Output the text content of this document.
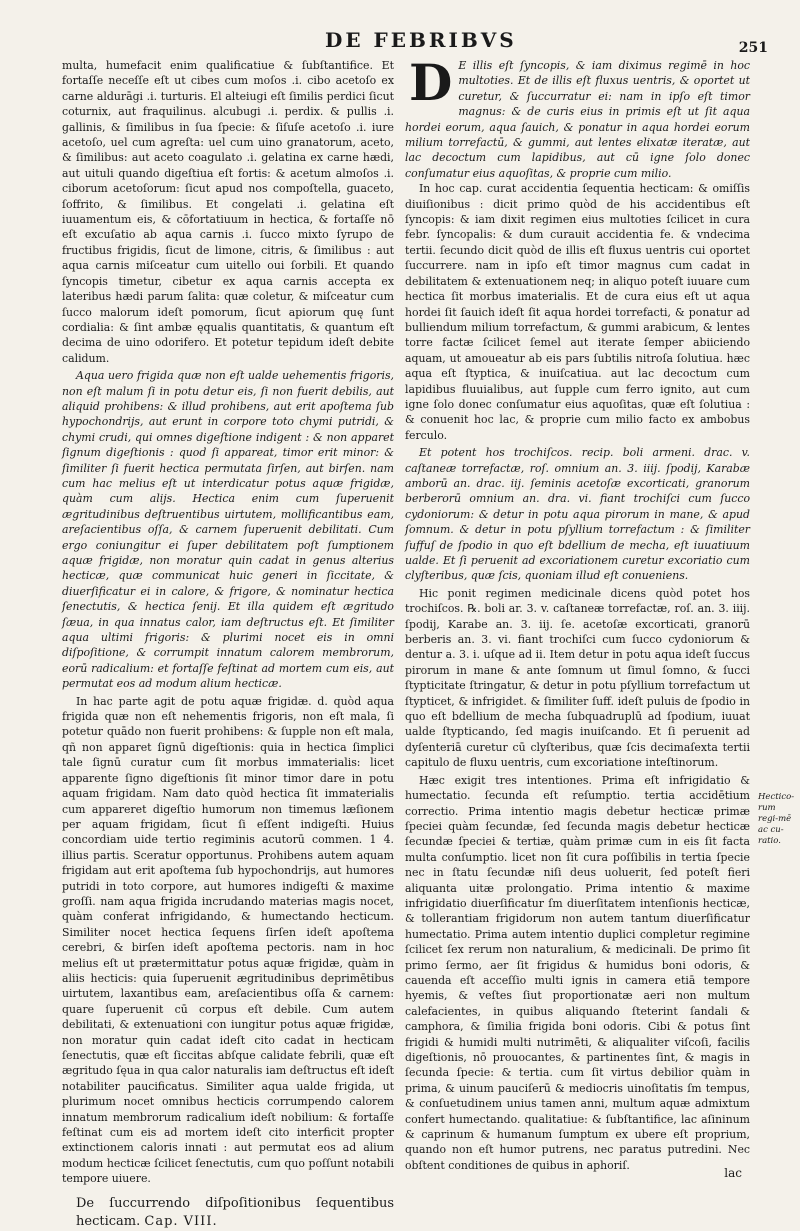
DE FEBRIBVS	251

multa, humefacit enim qualificatiue & ſubſtantifice. Et fortaſſe neceſſe eſt ut cibes cum moſos .i. cibo acetoſo ex carne aldurāgi .i. turturis. El alteiugi eſt ſimilis perdici ſicut coturnix, aut fraquilinus. alcubugi .i. perdix. & pullis .i. gallinis, & ſimilibus in ſua ſpecie: & ſiſuſe acetoſo .i. iure acetoſo, uel cum agreſta: uel cum uino granatorum, aceto, & ſimilibus: aut aceto coagulato .i. gelatina ex carne hædi, aut uituli quando digeſtiua eſt fortis: & acetum almoſos .i. ciborum acetoſorum: ſicut apud nos compoſtella, guaceto, ſoffrito, & ſimilibus. Et congelati .i. gelatina eſt iuuamentum eis, & cōfortatiuum in hectica, & fortaſſe nō eſt excuſatio ab aqua carnis .i. ſucco mixto ſyrupo de fructibus frigidis, ſicut de limone, citris, & ſimilibus : aut aqua carnis miſceatur cum uitello oui ſorbili. Et quando ſyncopis timetur, cibetur ex aqua carnis accepta ex lateribus hædi parum ſalita: quæ coletur, & miſceatur cum ſucco malorum ideſt pomorum, ſicut apiorum quę ſunt cordialia: & ſint ambæ ęqualis quantitatis, & quantum eſt decima de uino odorifero. Et potetur tepidum ideſt debite calidum.

Aqua uero frigida quæ non eſt ualde uehementis frigoris, non eſt malum ſi in potu detur eis, ſi non fuerit debilis, aut aliquid prohibens: & illud prohibens, aut erit apoſtema ſub hypochondrijs, aut erunt in corpore toto chymi putridi, & chymi crudi, qui omnes digeſtione indigent : & non apparet ſignum digeſtionis : quod ſi appareat, timor erit minor: & ſimiliter ſi fuerit hectica permutata ſirſen, aut birſen. nam cum hac melius eſt ut interdicatur potus aquæ frigidæ, quàm cum alijs. Hectica enim cum ſuperuenit ægritudinibus deſtruentibus uirtutem, mollificantibus eam, areſacientibus oſſa, & carnem ſuperuenit debilitati. Cum ergo coniungitur ei ſuper debilitatem poſt ſumptionem aquæ frigidæ, non moratur quin cadat in genus alterius hecticæ, quæ communicat huic generi in ſiccitate, & diuerſificatur ei in calore, & frigore, & nominatur hectica ſenectutis, & hectica ſenij. Et illa quidem eſt ægritudo ſæua, in qua innatus calor, iam deſtructus eſt. Et ſimiliter aqua ultimi frigoris: & plurimi nocet eis in omni diſpoſitione, & corrumpit innatum calorem membrorum, eorū radicalium: et fortaſſe feſtinat ad mortem cum eis, aut permutat eos ad modum alium hecticæ.

In hac parte agit de potu aquæ frigidæ. d. quòd aqua frigida quæ non eſt nehementis frigoris, non eſt mala, ſi potetur quādo non fuerit prohibens: & ſupple non eſt mala, qñ non apparet ſignū digeſtionis: quia in hectica ſimplici tale ſignū curatur cum ſit morbus immaterialis: licet apparente ſigno digeſtionis ſit minor timor dare in potu aquam frigidam. Nam dato quòd hectica ſit immaterialis cum appareret digeſtio humorum non timemus læſionem per aquam frigidam, ſicut ſi eſſent indigeſti. Huius concordiam uide tertio regiminis acutorū commen. 1 4. illius partis. Sceratur opportunus. Prohibens autem aquam frigidam aut erit apoſtema ſub hypochondrijs, aut humores putridi in toto corpore, aut humores indigeſti & maxime groſſi. nam aqua frigida incrudando materias magis nocet, quàm conferat infrigidando, & humectando hecticum. Similiter nocet hectica ſequens ſirſen ideſt apoſtema cerebri, & birſen ideſt apoſtema pectoris. nam in hoc melius eſt ut prætermittatur potus aquæ frigidæ, quàm in aliis hecticis: quia ſuperuenit ægritudinibus deprimētibus uirtutem, laxantibus eam, areſacientibus oſſa & carnem: quare ſuperuenit cū corpus eſt debile. Cum autem debilitati, & extenuationi con iungitur potus aquæ frigidæ, non moratur quin cadat ideſt cito cadat in hecticam ſenectutis, quæ eſt ſiccitas abſque calidate febrili, quæ eſt ægritudo ſęua in qua calor naturalis iam deſtructus eſt ideſt notabiliter paucificatus. Similiter aqua ualde frigida, ut plurimum nocet omnibus hecticis corrumpendo calorem innatum membrorum radicalium ideſt nobilium: & fortaſſe feſtinat cum eis ad mortem ideſt cito interficit propter extinctionem caloris innati : aut permutat eos ad alium modum hecticæ ſcilicet ſenectutis, cum quo poſſunt notabili tempore uiuere.

De ſuccurrendo diſpoſitionibus ſequentibus hecticam. Cap. VIII.
D E illis eſt ſyncopis, & iam diximus regimē in hoc multoties. Et de illis eſt fluxus uentris, & oportet ut curetur, & ſuccurratur ei: nam in ipſo eſt timor magnus: & de curis eius in primis eſt ut ſit aqua hordei eorum, aqua ſauich, & ponatur in aqua hordei eorum milium torrefactū, & gummi, aut lentes elixatæ iteratæ, aut lac decoctum cum lapidibus, aut cū igne ſolo donec conſumatur eius aquoſitas, & proprie cum milio.

In hoc cap. curat accidentia ſequentia hecticam: & omiſſis diuiſionibus : dicit primo quòd de his accidentibus eſt ſyncopis: & iam dixit regimen eius multoties ſcilicet in cura febr. ſyncopalis: & dum curauit accidentia fe. & vndecima tertii. ſecundo dicit quòd de illis eſt fluxus uentris cui oportet ſuccurrere. nam in ipſo eſt timor magnus cum cadat in debilitatem & extenuationem neq; in aliquo poteſt iuuare cum hectica ſit morbus imaterialis. Et de cura eius eſt ut aqua hordei ſit ſauich ideſt ſit aqua hordei torrefacti, & ponatur ad bulliendum milium torrefactum, & gummi arabicum, & lentes torre factæ ſcilicet ſemel aut iterate ſemper abiiciendo aquam, ut amoueatur ab eis pars ſubtilis nitroſa ſolutiua. hæc aqua eſt ſtyptica, & inuiſcatiua. aut lac decoctum cum lapidibus fluuialibus, aut ſupple cum ferro ignito, aut cum igne ſolo donec conſumatur eius aquoſitas, quæ eſt ſolutiua : & conuenit hoc lac, & proprie cum milio facto ex ambobus ferculo.

Et potent hos trochiſcos. recip. boli armeni. drac. v. caſtaneæ torrefactæ, roſ. omnium an. 3. iiij. ſpodij, Karabæ amborū an. drac. iij. ſeminis acetoſæ excorticati, granorum berberorū omnium an. dra. vi. fiant trochiſci cum ſucco cydoniorum: & detur in potu aqua pirorum in mane, & apud ſomnum. & detur in potu pſyllium torrefactum : & ſimiliter ſuffuſ de ſpodio in quo eſt bdellium de mecha, eſt iuuatiuum ualde. Et ſi peruenit ad excoriationem curetur excoriatio cum clyſteribus, quæ ſcis, quoniam illud eſt conueniens.

Hic ponit regimen medicinale dicens quòd potet hos trochiſcos. ℞. boli ar. 3. v. caſtaneæ torrefactæ, roſ. an. 3. iiij. ſpodij, Karabe an. 3. iij. ſe. acetoſæ excorticati, granorū berberis an. 3. vi. fiant trochiſci cum ſucco cydoniorum & dentur a. 3. i. uſque ad ii. Item detur in potu aqua ideſt ſuccus pirorum in mane & ante ſomnum ut ſimul ſomno, & ſucci ſtypticitate ſtringatur, & detur in potu pſyllium torrefactum ut ſtypticet, & infrigidet. & ſimiliter ſuff. ideſt puluis de ſpodio in quo eſt bdellium de mecha ſubquadruplū ad ſpodium, iuuat ualde ſtypticando, ſed magis inuiſcando. Et ſi peruenit ad dyſenteriā curetur cū clyſteribus, quæ ſcis decimaſexta tertii capitulo de fluxu uentris, cum excoriatione inteſtinorum.

Hæc exigit tres intentiones. Prima eſt infrigidatio & humectatio. ſecunda eſt reſumptio. tertia accidētium correctio. Prima intentio magis debetur hecticæ primæ ſpeciei quàm ſecundæ, ſed ſecunda magis debetur hecticæ ſecundæ ſpeciei & tertiæ, quàm primæ cum in eis ſit facta multa conſumptio. licet non ſit cura poſſibilis in tertia ſpecie nec in ſtatu ſecundæ niſi deus uoluerit, ſed poteſt fieri aliquanta uitæ prolongatio. Prima intentio & maxime infrigidatio diuerſificatur ſm diuerſitatem intenſionis hecticæ, & tollerantiam frigidorum non autem tantum diuerſificatur humectatio. Prima autem intentio duplici completur regimine ſcilicet ſex rerum non naturalium, & medicinali. De primo ſit primo ſermo, aer ſit frigidus & humidus boni odoris, & cauenda eſt acceſſio multi ignis in camera etiā tempore hyemis, & veſtes ſiut proportionatæ aeri non multum calefacientes, in quibus aliquando ſteterint ſandali & camphora, & ſimilia frigida boni odoris. Cibi & potus ſint frigidi & humidi multi nutrimēti, & aliqualiter viſcoſi, facilis digeſtionis, nō prouocantes, & partinentes ſint, & magis in ſecunda ſpecie: & tertia. cum ſit virtus debilior quàm in prima, & uinum pauciſerū & mediocris uinoſitatis ſm tempus, & conſuetudinem unius tamen anni, multum aquæ admixtum confert humectando. qualitatiue: & ſubſtantifice, lac aſininum & caprinum & humanum ſumptum ex ubere eſt proprium, quando non eſt humor putrens, nec paratus putredini. Nec obſtent conditiones de quibus in aphoriſ.

Hectico-rum regi-mē ac cu-ratio.
lac
